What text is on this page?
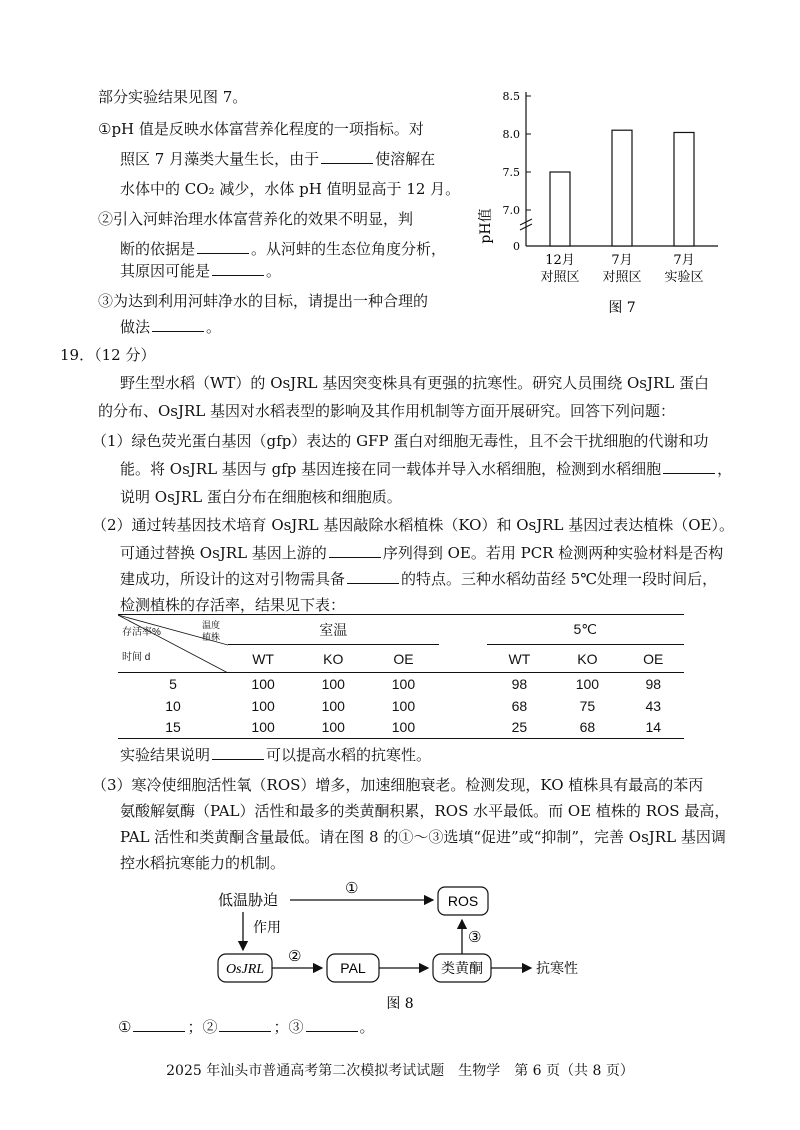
部分实验结果见图 7。
①pH 值是反映水体富营养化程度的一项指标。对
照区 7 月藻类大量生长，由于	使溶解在
水体中的 CO₂ 减少，水体 pH 值明显高于 12 月。
②引入河蚌治理水体富营养化的效果不明显，判
断的依据是	。从河蚌的生态位角度分析，
其原因可能是	。
③为达到利用河蚌净水的目标，请提出一种合理的
做法	。
pH值
0
8.5
8.0
7.5
7.0
12月
对照区
7月
对照区
7月
实验区
图 7
19．（12 分）
野生型水稻（WT）的 OsJRL 基因突变株具有更强的抗寒性。研究人员围绕 OsJRL 蛋白
的分布、OsJRL 基因对水稻表型的影响及其作用机制等方面开展研究。回答下列问题：
（1）绿色荧光蛋白基因（gfp）表达的 GFP 蛋白对细胞无毒性，且不会干扰细胞的代谢和功
能。将 OsJRL 基因与 gfp 基因连接在同一载体并导入水稻细胞，检测到水稻细胞	，
说明 OsJRL 蛋白分布在细胞核和细胞质。
（2）通过转基因技术培育 OsJRL 基因敲除水稻植株（KO）和 OsJRL 基因过表达植株（OE）。
可通过替换 OsJRL 基因上游的	序列得到 OE。若用 PCR 检测两种实验材料是否构
建成功，所设计的这对引物需具备	的特点。三种水稻幼苗经 5℃处理一段时间后，
检测植株的存活率，结果见下表：
存活率%
温度
植株
时间 d	室温				5℃		
	WT	KO	OE		WT	KO	OE
5	100	100	100		98	100	98
10	100	100	100		68	75	43
15	100	100	100		25	68	14
实验结果说明	可以提高水稻的抗寒性。
（3）寒冷使细胞活性氧（ROS）增多，加速细胞衰老。检测发现，KO 植株具有最高的苯丙
氨酸解氨酶（PAL）活性和最多的类黄酮积累，ROS 水平最低。而 OE 植株的 ROS 最高，
PAL 活性和类黄酮含量最低。请在图 8 的①～③选填“促进”或“抑制”，完善 OsJRL 基因调
控水稻抗寒能力的机制。
低温胁迫
①
ROS
作用
OsJRL
②
PAL	类黄酮
③
抗寒性
图 8
①	；②	；③	。
2025 年汕头市普通高考第二次模拟考试试题　生物学　第 6 页（共 8 页）
